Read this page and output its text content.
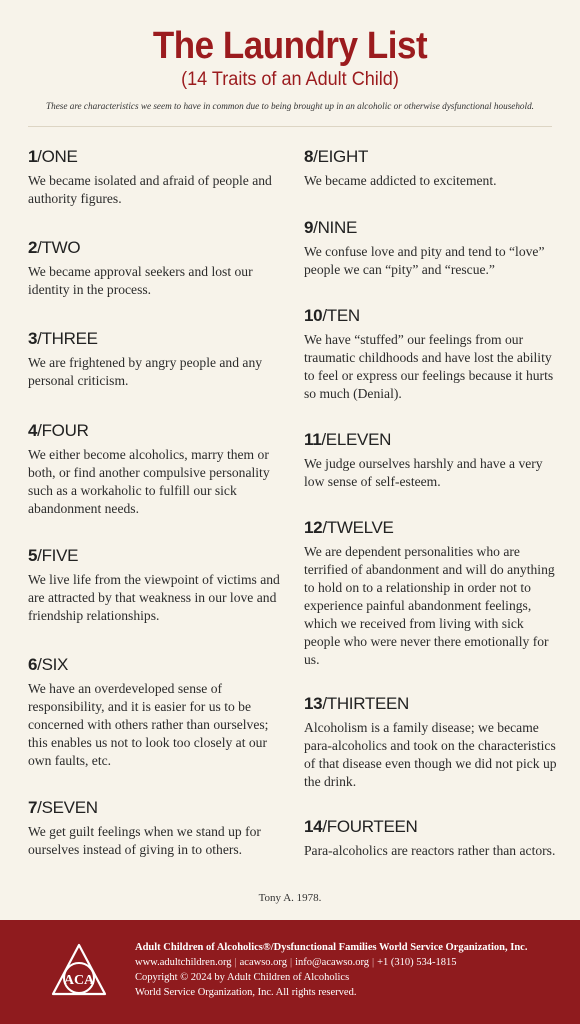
The Laundry List
(14 Traits of an Adult Child)
These are characteristics we seem to have in common due to being brought up in an alcoholic or otherwise dysfunctional household.
1/ONE
We became isolated and afraid of people and authority figures.
2/TWO
We became approval seekers and lost our identity in the process.
3/THREE
We are frightened by angry people and any personal criticism.
4/FOUR
We either become alcoholics, marry them or both, or find another compulsive personality such as a workaholic to fulfill our sick abandonment needs.
5/FIVE
We live life from the viewpoint of victims and are attracted by that weakness in our love and friendship relationships.
6/SIX
We have an overdeveloped sense of responsibility, and it is easier for us to be concerned with others rather than ourselves; this enables us not to look too closely at our own faults, etc.
7/SEVEN
We get guilt feelings when we stand up for ourselves instead of giving in to others.
8/EIGHT
We became addicted to excitement.
9/NINE
We confuse love and pity and tend to “love” people we can “pity” and “rescue.”
10/TEN
We have “stuffed” our feelings from our traumatic childhoods and have lost the ability to feel or express our feelings because it hurts so much (Denial).
11/ELEVEN
We judge ourselves harshly and have a very low sense of self-esteem.
12/TWELVE
We are dependent personalities who are terrified of abandonment and will do anything to hold on to a relationship in order not to experience painful abandonment feelings, which we received from living with sick people who were never there emotionally for us.
13/THIRTEEN
Alcoholism is a family disease; we became para-alcoholics and took on the characteristics of that disease even though we did not pick up the drink.
14/FOURTEEN
Para-alcoholics are reactors rather than actors.
Tony A. 1978.
ACA
Adult Children of Alcoholics®/Dysfunctional Families World Service Organization, Inc.
www.adultchildren.org | acawso.org | info@acawso.org | +1 (310) 534-1815
Copyright © 2024 by Adult Children of Alcoholics
World Service Organization, Inc. All rights reserved.
